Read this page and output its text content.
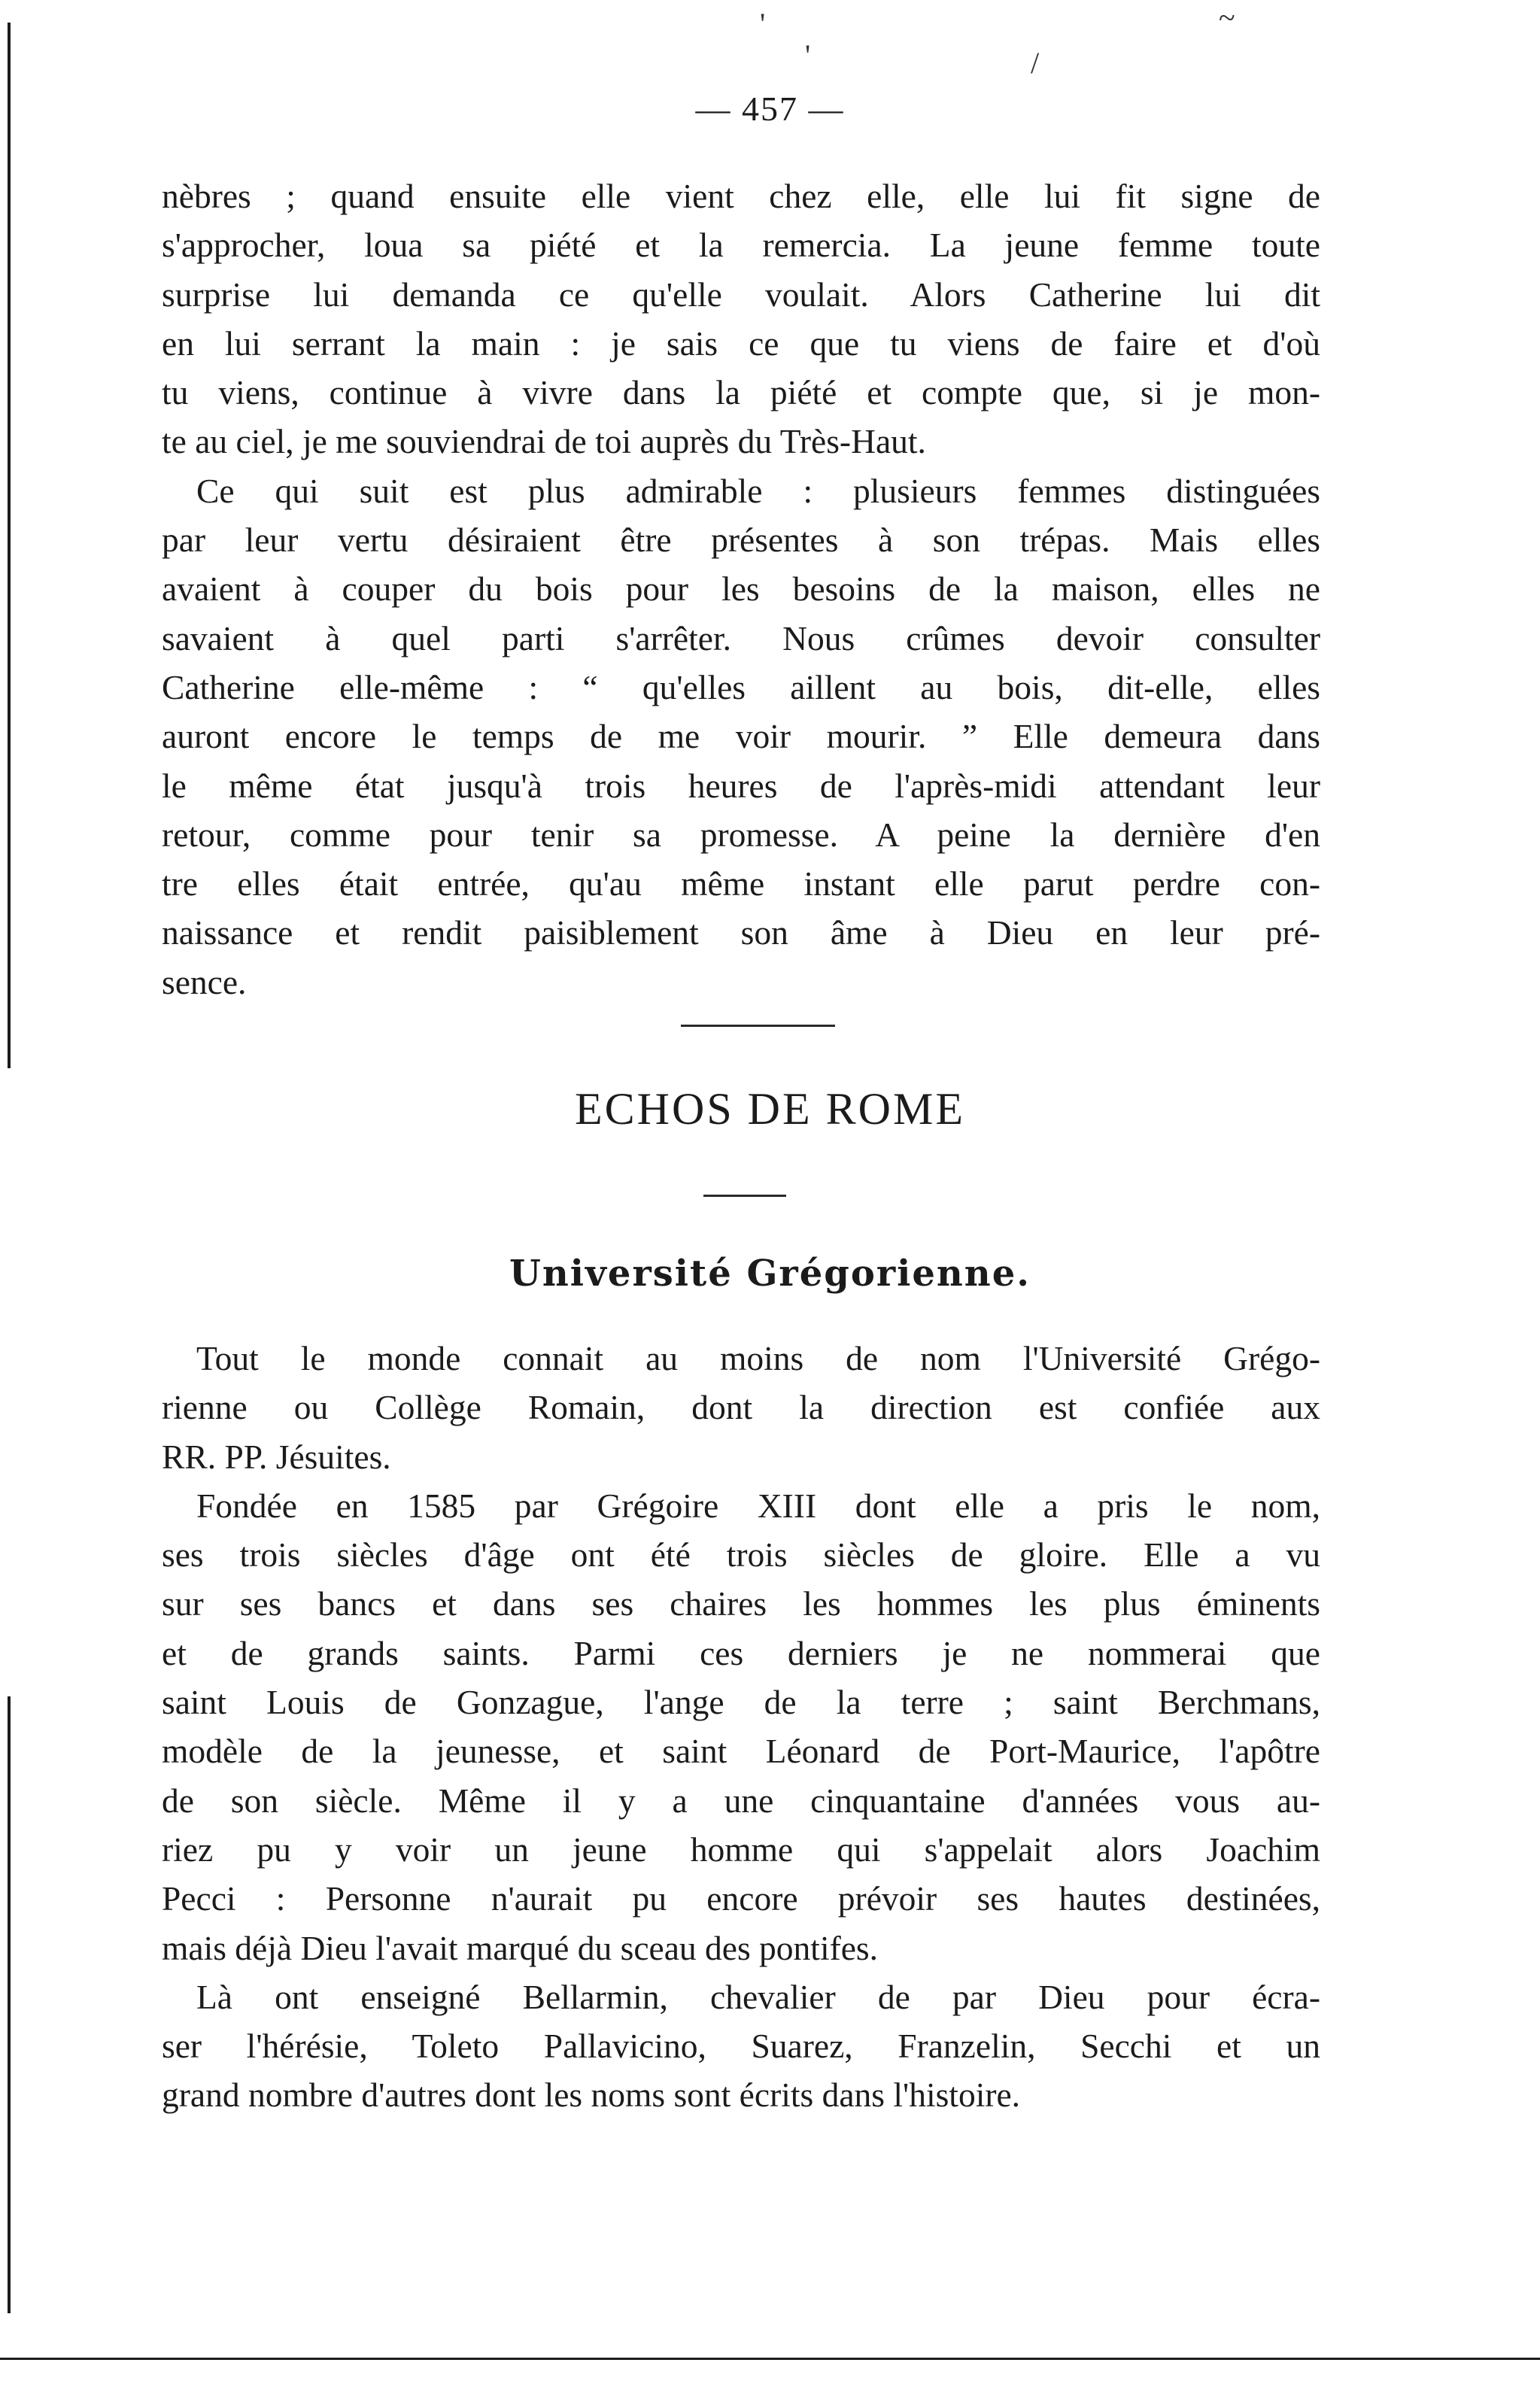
'
'	/
~
— 457 —
nèbres ; quand ensuite elle vient chez elle, elle lui fit signe de
s'approcher, loua sa piété et la remercia. La jeune femme toute
surprise lui demanda ce qu'elle voulait. Alors Catherine lui dit
en lui serrant la main : je sais ce que tu viens de faire et d'où
tu viens, continue à vivre dans la piété et compte que, si je mon-
te au ciel, je me souviendrai de toi auprès du Très-Haut.
Ce qui suit est plus admirable : plusieurs femmes distinguées
par leur vertu désiraient être présentes à son trépas. Mais elles
avaient à couper du bois pour les besoins de la maison, elles ne
savaient à quel parti s'arrêter. Nous crûmes devoir consulter
Catherine elle-même : “ qu'elles aillent au bois, dit-elle, elles
auront encore le temps de me voir mourir. ” Elle demeura dans
le même état jusqu'à trois heures de l'après-midi attendant leur
retour, comme pour tenir sa promesse. A peine la dernière d'en
tre elles était entrée, qu'au même instant elle parut perdre con-
naissance et rendit paisiblement son âme à Dieu en leur pré-
sence.
ECHOS DE ROME
Université Grégorienne.
Tout le monde connait au moins de nom l'Université Grégo-
rienne ou Collège Romain, dont la direction est confiée aux
RR. PP. Jésuites.
Fondée en 1585 par Grégoire XIII dont elle a pris le nom,
ses trois siècles d'âge ont été trois siècles de gloire. Elle a vu
sur ses bancs et dans ses chaires les hommes les plus éminents
et de grands saints. Parmi ces derniers je ne nommerai que
saint Louis de Gonzague, l'ange de la terre ; saint Berchmans,
modèle de la jeunesse, et saint Léonard de Port-Maurice, l'apôtre
de son siècle. Même il y a une cinquantaine d'années vous au-
riez pu y voir un jeune homme qui s'appelait alors Joachim
Pecci : Personne n'aurait pu encore prévoir ses hautes destinées,
mais déjà Dieu l'avait marqué du sceau des pontifes.
Là ont enseigné Bellarmin, chevalier de par Dieu pour écra-
ser l'hérésie, Toleto Pallavicino, Suarez, Franzelin, Secchi et un
grand nombre d'autres dont les noms sont écrits dans l'histoire.
